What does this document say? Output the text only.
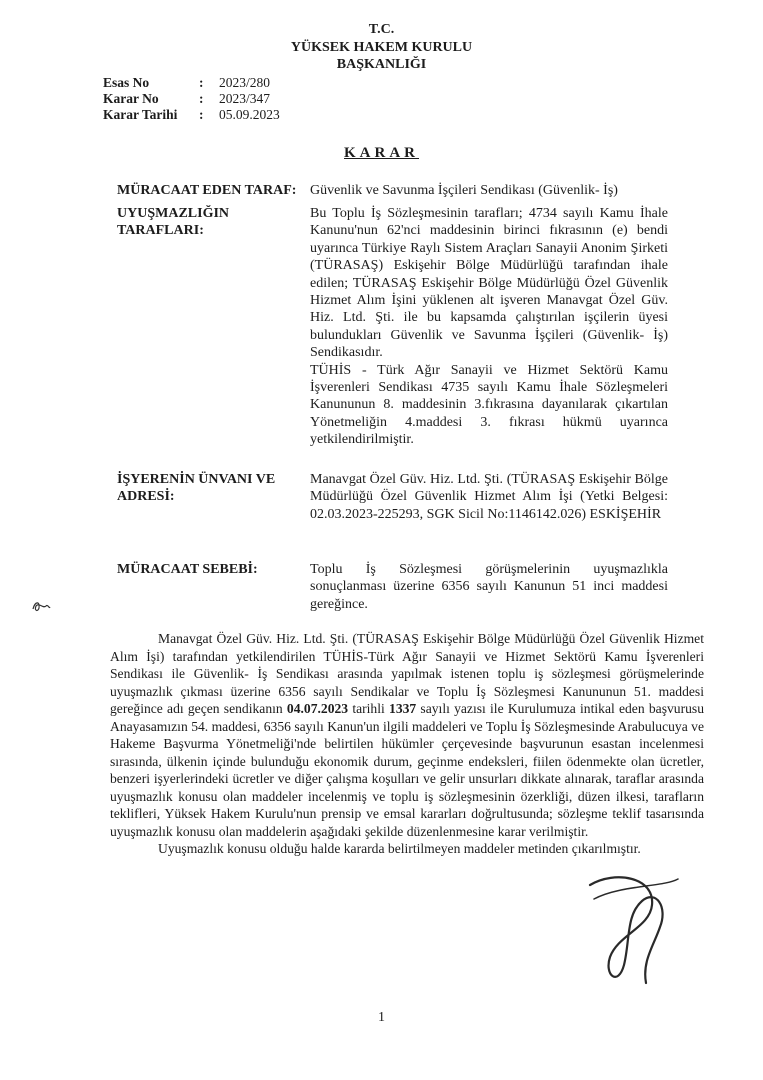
T.C.
YÜKSEK HAKEM KURULU
BAŞKANLIĞI
Esas No	: 2023/280
Karar No	: 2023/347
Karar Tarihi : 05.09.2023
KARAR
MÜRACAAT EDEN TARAF: Güvenlik ve Savunma İşçileri Sendikası (Güvenlik- İş)
UYUŞMAZLIĞIN
TARAFLARI:

Bu Toplu İş Sözleşmesinin tarafları; 4734 sayılı Kamu İhale Kanunu'nun 62'nci maddesinin birinci fıkrasının (e) bendi uyarınca Türkiye Raylı Sistem Araçları Sanayii Anonim Şirketi (TÜRASAŞ) Eskişehir Bölge Müdürlüğü tarafından ihale edilen; TÜRASAŞ Eskişehir Bölge Müdürlüğü Özel Güvenlik Hizmet Alım İşini yüklenen alt işveren Manavgat Özel Güv. Hiz. Ltd. Şti. ile bu kapsamda çalıştırılan işçilerin üyesi bulundukları Güvenlik ve Savunma İşçileri (Güvenlik- İş) Sendikasıdır.

TÜHİS - Türk Ağır Sanayii ve Hizmet Sektörü Kamu İşverenleri Sendikası 4735 sayılı Kamu İhale Sözleşmeleri Kanununun 8. maddesinin 3.fıkrasına dayanılarak çıkartılan Yönetmeliğin 4.maddesi 3. fıkrası hükmü uyarınca yetkilendirilmiştir.

İŞYERENİN ÜNVANI VE
ADRESİ:
Manavgat Özel Güv. Hiz. Ltd. Şti. (TÜRASAŞ Eskişehir Bölge Müdürlüğü Özel Güvenlik Hizmet Alım İşi (Yetki Belgesi: 02.03.2023-225293, SGK Sicil No:1146142.026) ESKİŞEHİR
MÜRACAAT SEBEBİ:	Toplu İş Sözleşmesi görüşmelerinin uyuşmazlıkla sonuçlanması üzerine 6356 sayılı Kanunun 51 inci maddesi gereğince.

Manavgat Özel Güv. Hiz. Ltd. Şti. (TÜRASAŞ Eskişehir Bölge Müdürlüğü Özel Güvenlik Hizmet Alım İşi) tarafından yetkilendirilen TÜHİS-Türk Ağır Sanayii ve Hizmet Sektörü Kamu İşverenleri Sendikası ile Güvenlik- İş Sendikası arasında yapılmak istenen toplu iş sözleşmesi görüşmelerinde uyuşmazlık çıkması üzerine 6356 sayılı Sendikalar ve Toplu İş Sözleşmesi Kanununun 51. maddesi gereğince adı geçen sendikanın 04.07.2023 tarihli 1337 sayılı yazısı ile Kurulumuza intikal eden başvurusu Anayasamızın 54. maddesi, 6356 sayılı Kanun'un ilgili maddeleri ve Toplu İş Sözleşmesinde Arabulucuya ve Hakeme Başvurma Yönetmeliği'nde belirtilen hükümler çerçevesinde başvurunun esastan incelenmesi sırasında, ülkenin içinde bulunduğu ekonomik durum, geçinme endeksleri, fiilen ödenmekte olan ücretler, benzeri işyerlerindeki ücretler ve diğer çalışma koşulları ve gelir unsurları dikkate alınarak, taraflar arasında uyuşmazlık konusu olan maddeler incelenmiş ve toplu iş sözleşmesinin özerkliği, düzen ilkesi, tarafların teklifleri, Yüksek Hakem Kurulu'nun prensip ve emsal kararları doğrultusunda; sözleşme teklif tasarısında uyuşmazlık konusu olan maddelerin aşağıdaki şekilde düzenlenmesine karar verilmiştir.

Uyuşmazlık konusu olduğu halde kararda belirtilmeyen maddeler metinden çıkarılmıştır.

1
